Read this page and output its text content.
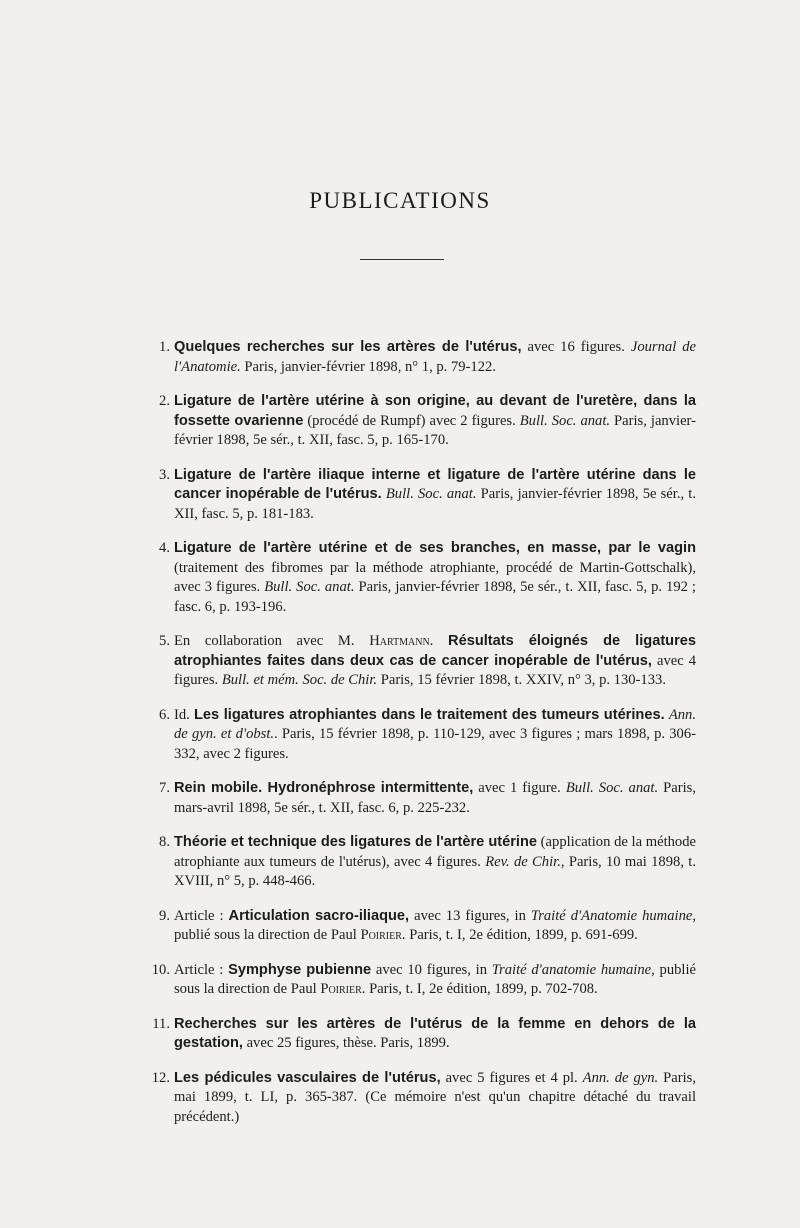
PUBLICATIONS
1. Quelques recherches sur les artères de l'utérus, avec 16 figures. Journal de l'Anatomie. Paris, janvier-février 1898, n° 1, p. 79-122.
2. Ligature de l'artère utérine à son origine, au devant de l'uretère, dans la fossette ovarienne (procédé de Rumpf) avec 2 figures. Bull. Soc. anat. Paris, janvier-février 1898, 5e sér., t. XII, fasc. 5, p. 165-170.
3. Ligature de l'artère iliaque interne et ligature de l'artère utérine dans le cancer inopérable de l'utérus. Bull. Soc. anat. Paris, janvier-février 1898, 5e sér., t. XII, fasc. 5, p. 181-183.
4. Ligature de l'artère utérine et de ses branches, en masse, par le vagin (traitement des fibromes par la méthode atrophiante, procédé de Martin-Gottschalk), avec 3 figures. Bull. Soc. anat. Paris, janvier-février 1898, 5e sér., t. XII, fasc. 5, p. 192 ; fasc. 6, p. 193-196.
5. En collaboration avec M. Hartmann. Résultats éloignés de ligatures atrophiantes faites dans deux cas de cancer inopérable de l'utérus, avec 4 figures. Bull. et mém. Soc. de Chir. Paris, 15 février 1898, t. XXIV, n° 3, p. 130-133.
6. Id. Les ligatures atrophiantes dans le traitement des tumeurs utérines. Ann. de gyn. et d'obst.. Paris, 15 février 1898, p. 110-129, avec 3 figures ; mars 1898, p. 306-332, avec 2 figures.
7. Rein mobile. Hydronéphrose intermittente, avec 1 figure. Bull. Soc. anat. Paris, mars-avril 1898, 5e sér., t. XII, fasc. 6, p. 225-232.
8. Théorie et technique des ligatures de l'artère utérine (application de la méthode atrophiante aux tumeurs de l'utérus), avec 4 figures. Rev. de Chir., Paris, 10 mai 1898, t. XVIII, n° 5, p. 448-466.
9. Article : Articulation sacro-iliaque, avec 13 figures, in Traité d'Anatomie humaine, publié sous la direction de Paul Poirier. Paris, t. I, 2e édition, 1899, p. 691-699.
10. Article : Symphyse pubienne avec 10 figures, in Traité d'anatomie humaine, publié sous la direction de Paul Poirier. Paris, t. I, 2e édition, 1899, p. 702-708.
11. Recherches sur les artères de l'utérus de la femme en dehors de la gestation, avec 25 figures, thèse. Paris, 1899.
12. Les pédicules vasculaires de l'utérus, avec 5 figures et 4 pl. Ann. de gyn. Paris, mai 1899, t. LI, p. 365-387. (Ce mémoire n'est qu'un chapitre détaché du travail précédent.)
